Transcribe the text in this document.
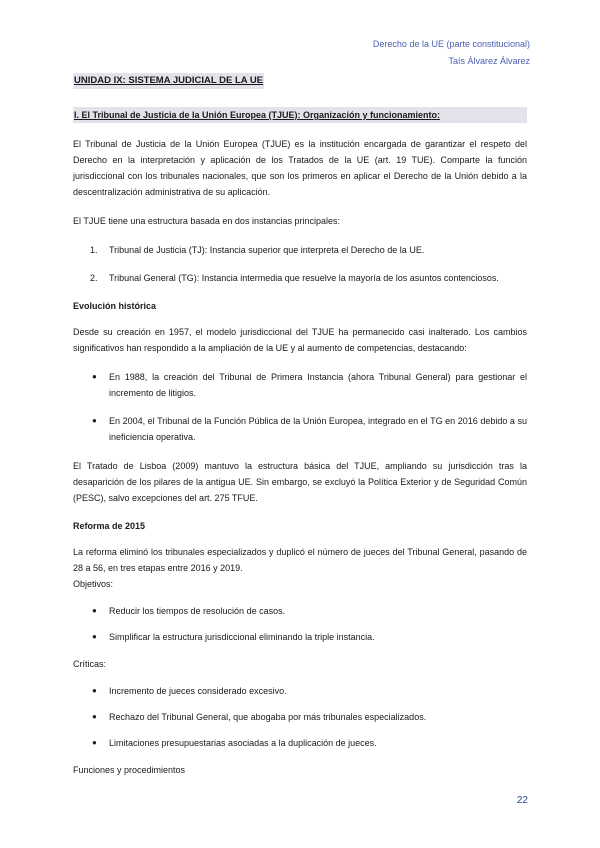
Derecho de la UE (parte constitucional)
Taís Álvarez Álvarez
UNIDAD IX: SISTEMA JUDICIAL DE LA UE
I. El Tribunal de Justicia de la Unión Europea (TJUE): Organización y funcionamiento:

El Tribunal de Justicia de la Unión Europea (TJUE) es la institución encargada de garantizar el respeto del Derecho en la interpretación y aplicación de los Tratados de la UE (art. 19 TUE). Comparte la función jurisdiccional con los tribunales nacionales, que son los primeros en aplicar el Derecho de la Unión debido a la descentralización administrativa de su aplicación.

El TJUE tiene una estructura basada en dos instancias principales:

1. Tribunal de Justicia (TJ): Instancia superior que interpreta el Derecho de la UE.
2. Tribunal General (TG): Instancia intermedia que resuelve la mayoría de los asuntos contenciosos.
Evolución histórica

Desde su creación en 1957, el modelo jurisdiccional del TJUE ha permanecido casi inalterado. Los cambios significativos han respondido a la ampliación de la UE y al aumento de competencias, destacando:

● En 1988, la creación del Tribunal de Primera Instancia (ahora Tribunal General) para gestionar el incremento de litigios.
● En 2004, el Tribunal de la Función Pública de la Unión Europea, integrado en el TG en 2016 debido a su ineficiencia operativa.

El Tratado de Lisboa (2009) mantuvo la estructura básica del TJUE, ampliando su jurisdicción tras la desaparición de los pilares de la antigua UE. Sin embargo, se excluyó la Política Exterior y de Seguridad Común (PESC), salvo excepciones del art. 275 TFUE.

Reforma de 2015

La reforma eliminó los tribunales especializados y duplicó el número de jueces del Tribunal General, pasando de 28 a 56, en tres etapas entre 2016 y 2019.

Objetivos:

● Reducir los tiempos de resolución de casos.
● Simplificar la estructura jurisdiccional eliminando la triple instancia.

Críticas:

● Incremento de jueces considerado excesivo.
● Rechazo del Tribunal General, que abogaba por más tribunales especializados.
● Limitaciones presupuestarias asociadas a la duplicación de jueces.

Funciones y procedimientos

22
